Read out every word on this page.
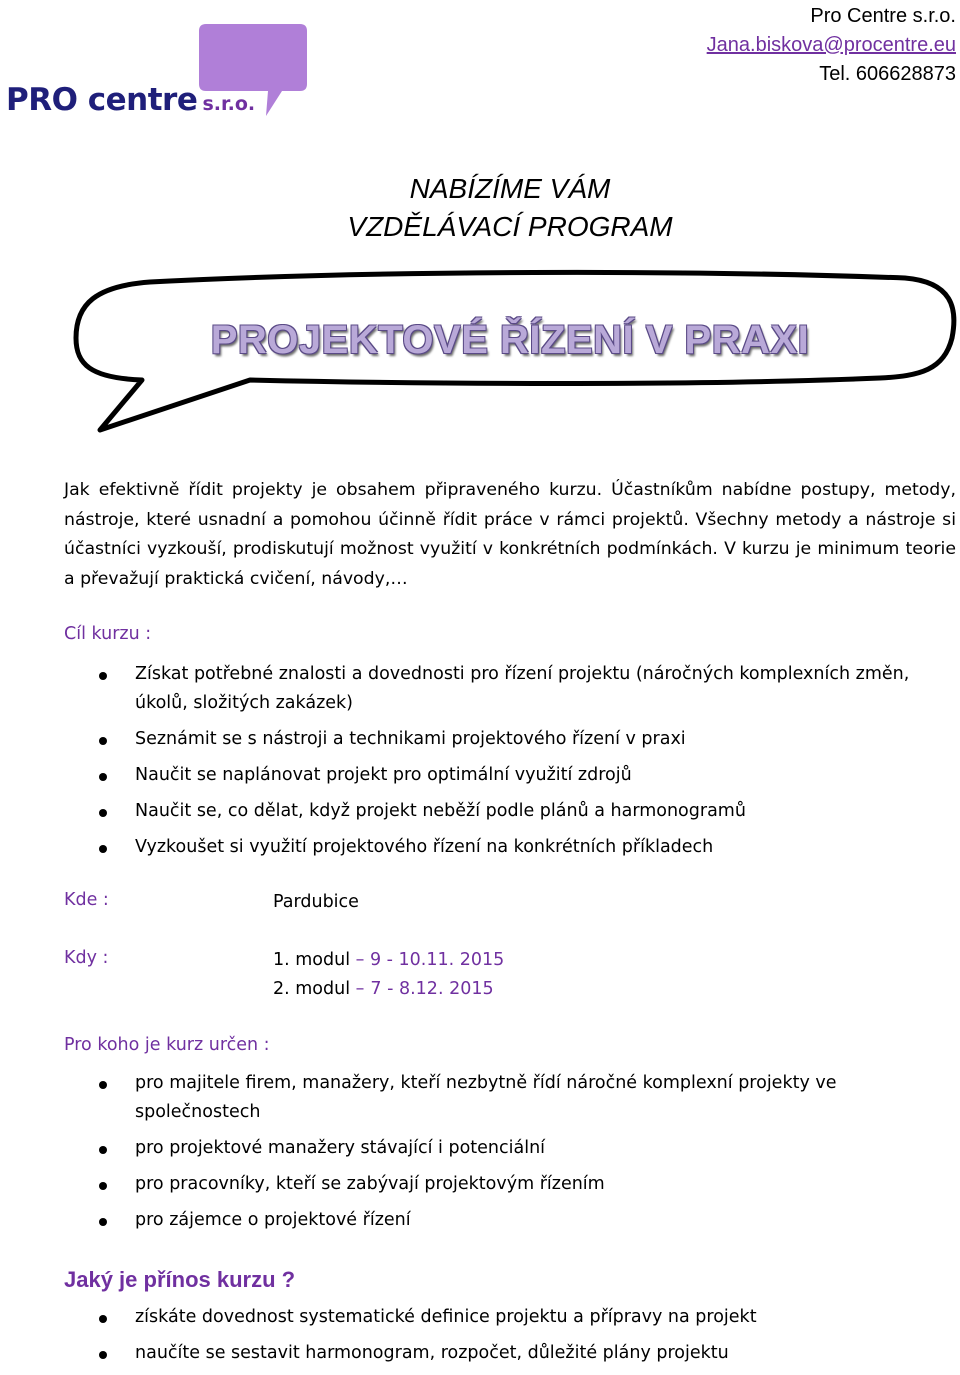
Pro Centre s.r.o.
Jana.biskova@procentre.eu
Tel. 606628873
PRO centre s.r.o.
NABÍZÍME VÁM
VZDĚLÁVACÍ PROGRAM
PROJEKTOVÉ ŘÍZENÍ V PRAXI
Jak efektivně řídit projekty je obsahem připraveného kurzu. Účastníkům nabídne postupy, metody, nástroje, které usnadní a pomohou účinně řídit práce v rámci projektů. Všechny metody a nástroje si účastníci vyzkouší, prodiskutují možnost využití v konkrétních podmínkách. V kurzu je minimum teorie a převažují praktická cvičení, návody,…
Cíl kurzu :
Získat potřebné znalosti a dovednosti pro řízení projektu (náročných komplexních změn, úkolů, složitých zakázek)
Seznámit se s nástroji a technikami projektového řízení v praxi
Naučit se naplánovat projekt pro optimální využití zdrojů
Naučit se, co dělat, když projekt neběží podle plánů a harmonogramů
Vyzkoušet si využití projektového řízení na konkrétních příkladech
Kde :	Pardubice
Kdy :	1. modul – 9 - 10.11. 2015
2. modul – 7 - 8.12. 2015
Pro koho je kurz určen :
pro majitele firem, manažery, kteří nezbytně řídí náročné komplexní projekty ve společnostech
pro projektové manažery stávající i potenciální
pro pracovníky, kteří se zabývají projektovým řízením
pro zájemce o projektové řízení
Jaký je přínos kurzu ?
získáte dovednost systematické definice projektu a přípravy na projekt
naučíte se sestavit harmonogram, rozpočet, důležité plány projektu
